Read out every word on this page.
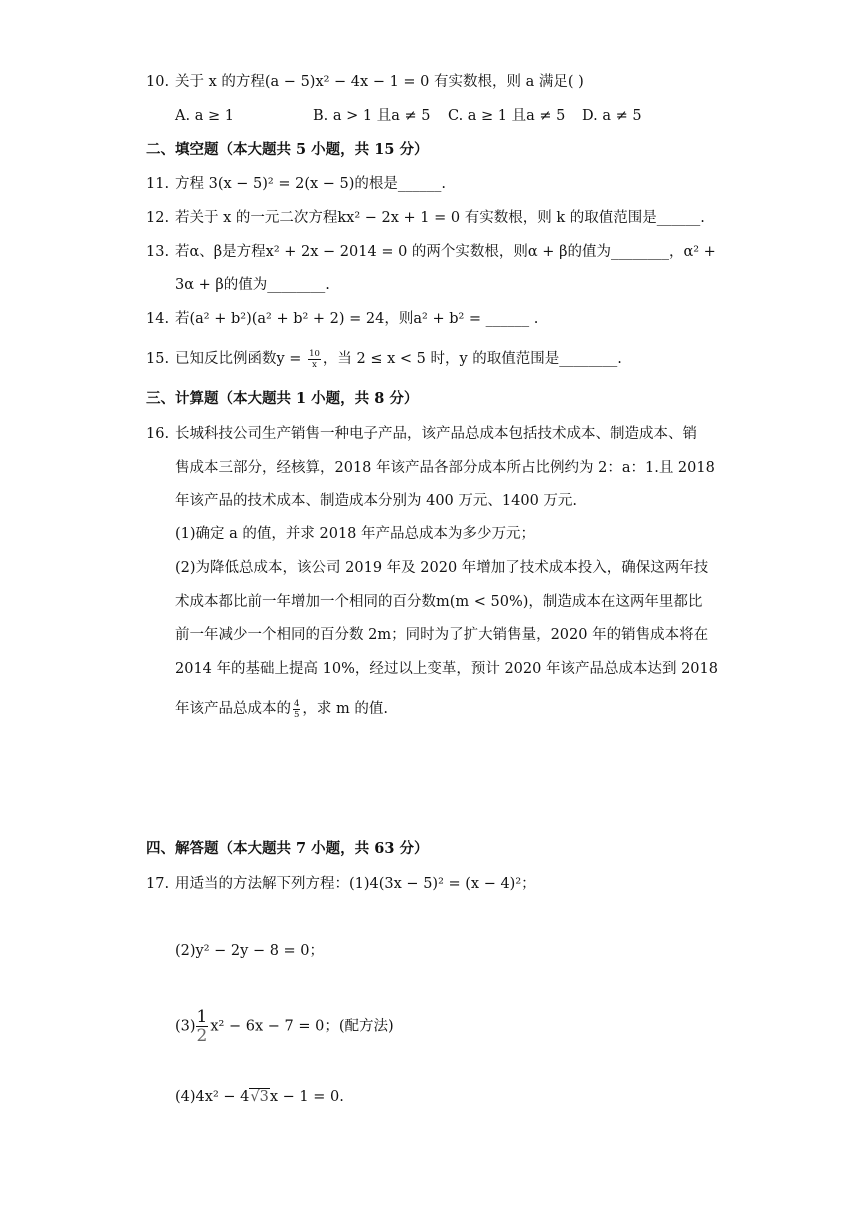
10. 关于 x 的方程(a − 5)x² − 4x − 1 = 0 有实数根，则 a 满足( )
A. a ≥ 1	B. a > 1 且a ≠ 5 C. a ≥ 1 且a ≠ 5 D. a ≠ 5
二、填空题（本大题共 5 小题，共 15 分）
11. 方程 3(x − 5)² = 2(x − 5)的根是______.
12. 若关于 x 的一元二次方程kx² − 2x + 1 = 0 有实数根，则 k 的取值范围是______.
13. 若α、β是方程x² + 2x − 2014 = 0 的两个实数根，则α + β的值为________，α² +
3α + β的值为________.
14. 若(a² + b²)(a² + b² + 2) = 24，则a² + b² = ______ .
15. 已知反比例函数$y = \frac{10}{x}$ ，当 2 ≤ x < 5 时，y 的取值范围是________.
三、计算题（本大题共 1 小题，共 8 分）
16. 长城科技公司生产销售一种电子产品，该产品总成本包括技术成本、制造成本、销
售成本三部分，经核算，2018 年该产品各部分成本所占比例约为 2：a：1.且 2018
年该产品的技术成本、制造成本分别为 400 万元、1400 万元.
(1)确定 a 的值，并求 2018 年产品总成本为多少万元；
(2)为降低总成本，该公司 2019 年及 2020 年增加了技术成本投入，确保这两年技
术成本都比前一年增加一个相同的百分数m(m < 50%)，制造成本在这两年里都比
前一年减少一个相同的百分数 2m；同时为了扩大销售量，2020 年的销售成本将在
2014 年的基础上提高 10%，经过以上变革，预计 2020 年该产品总成本达到 2018
年该产品总成本的 $\frac{4}{5}$ ，求 m 的值.
四、解答题（本大题共 7 小题，共 63 分）
17. 用适当的方法解下列方程：(1)4(3x − 5)² = (x − 4)²；
(2)y² − 2y − 8 = 0；
$(3) \frac{1}{2} x^2 - 6x - 7 = 0$；(配方法)
(4)4x² − 4√3x − 1 = 0.
